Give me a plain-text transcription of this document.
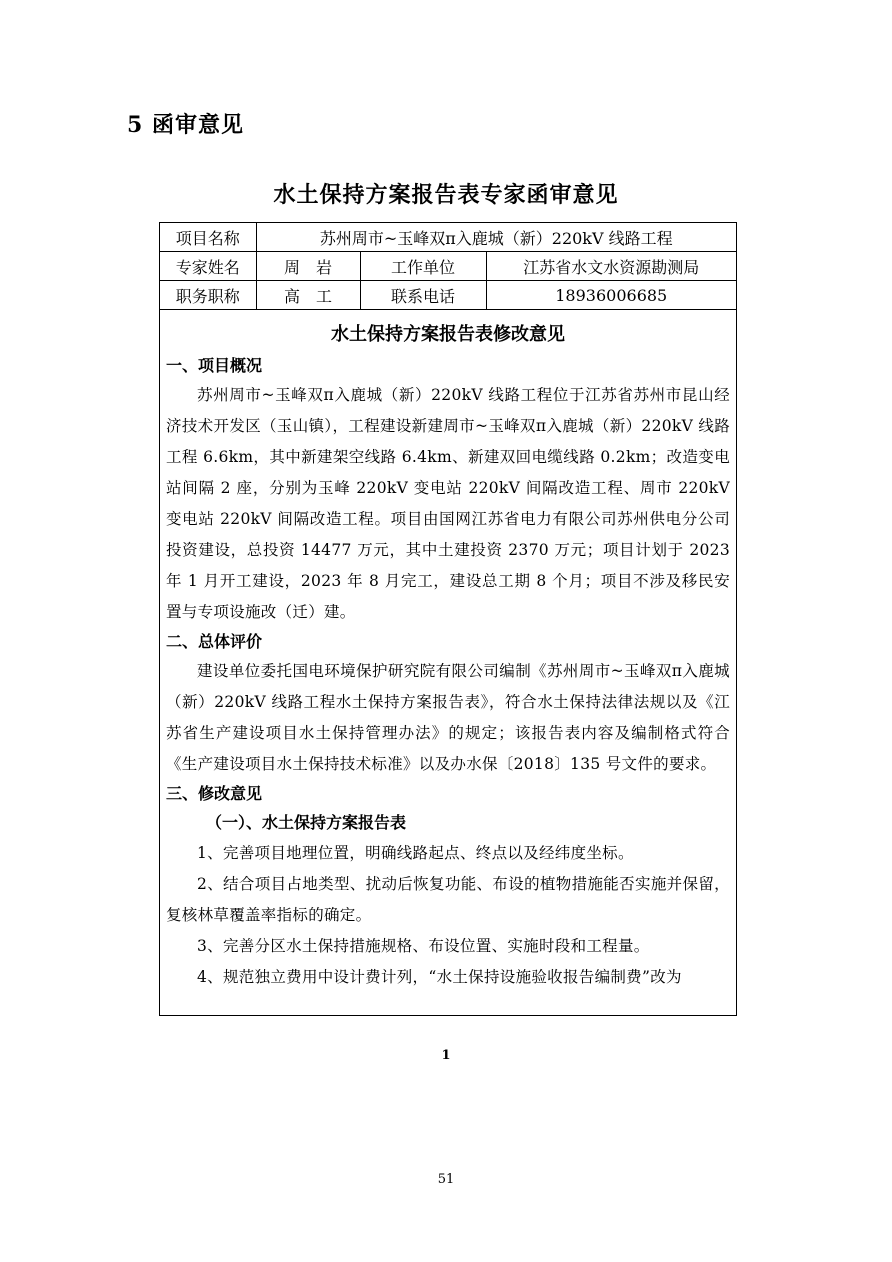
5 函审意见
水土保持方案报告表专家函审意见
项目名称	苏州周市~玉峰双π入鹿城（新）220kV 线路工程		
专家姓名	周　岩	工作单位	江苏省水文水资源勘测局
职务职称	高　工	联系电话	18936006685
水土保持方案报告表修改意见

一、项目概况

苏州周市~玉峰双π入鹿城（新）220kV 线路工程位于江苏省苏州市昆山经济技术开发区（玉山镇），工程建设新建周市~玉峰双π入鹿城（新）220kV 线路工程 6.6km，其中新建架空线路 6.4km、新建双回电缆线路 0.2km；改造变电站间隔 2 座，分别为玉峰 220kV 变电站 220kV 间隔改造工程、周市 220kV 变电站 220kV 间隔改造工程。项目由国网江苏省电力有限公司苏州供电分公司投资建设，总投资 14477 万元，其中土建投资 2370 万元；项目计划于 2023 年 1 月开工建设，2023 年 8 月完工，建设总工期 8 个月；项目不涉及移民安置与专项设施改（迁）建。

二、总体评价

建设单位委托国电环境保护研究院有限公司编制《苏州周市~玉峰双π入鹿城（新）220kV 线路工程水土保持方案报告表》，符合水土保持法律法规以及《江苏省生产建设项目水土保持管理办法》的规定；该报告表内容及编制格式符合《生产建设项目水土保持技术标准》以及办水保〔2018〕135 号文件的要求。

三、修改意见

（一）、水土保持方案报告表

1、完善项目地理位置，明确线路起点、终点以及经纬度坐标。

2、结合项目占地类型、扰动后恢复功能、布设的植物措施能否实施并保留，复核林草覆盖率指标的确定。

3、完善分区水土保持措施规格、布设位置、实施时段和工程量。

4、规范独立费用中设计费计列，“水土保持设施验收报告编制费”改为

1
51
